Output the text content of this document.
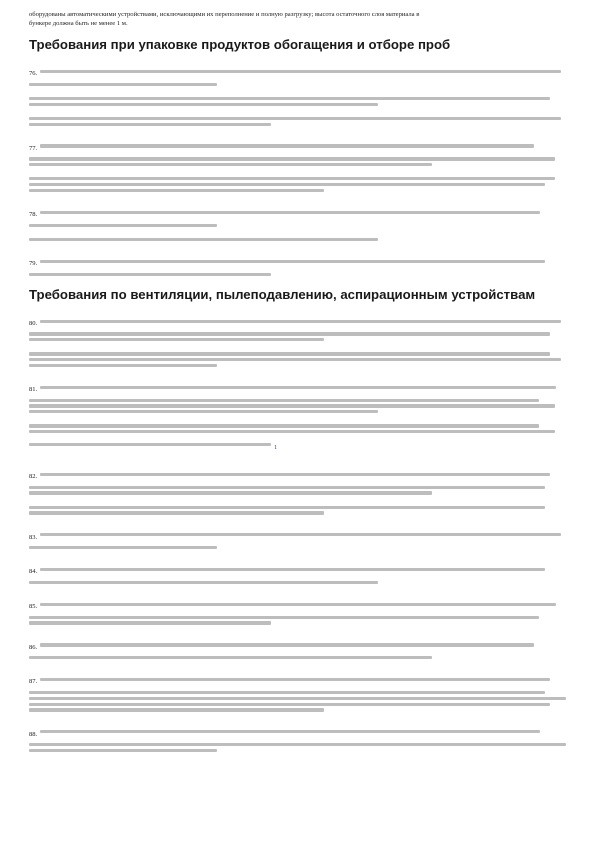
оборудованы автоматическими устройствами, исключающими их переполнение и полную разгрузку; высота остаточного слоя материала в
бункере должна быть не менее 1 м.
Требования при упаковке продуктов обогащения и отборе проб
76.
77.
78.
79.
Требования по вентиляции, пылеподавлению, аспирационным устройствам
80.
81.
1
82.
83.
84.
85.
86.
87.
88.
